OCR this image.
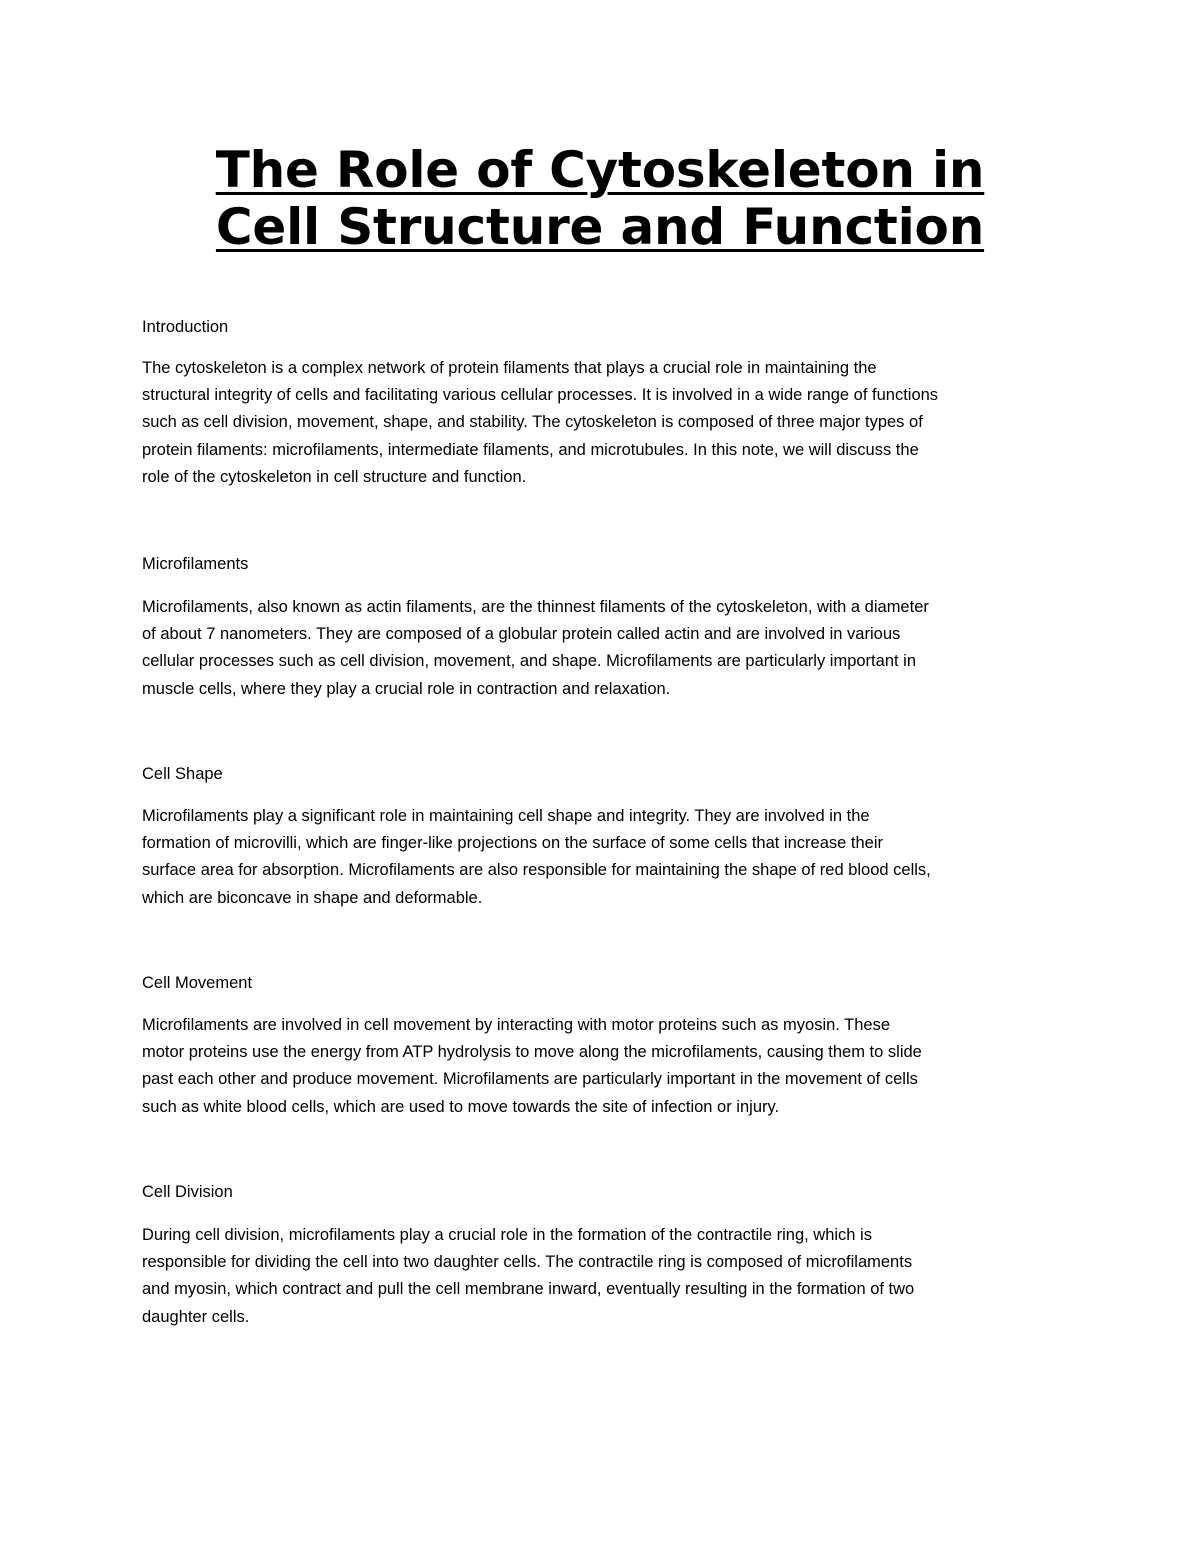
The Role of Cytoskeleton in
Cell Structure and Function
Introduction

The cytoskeleton is a complex network of protein filaments that plays a crucial role in maintaining the
structural integrity of cells and facilitating various cellular processes. It is involved in a wide range of functions
such as cell division, movement, shape, and stability. The cytoskeleton is composed of three major types of
protein filaments: microfilaments, intermediate filaments, and microtubules. In this note, we will discuss the
role of the cytoskeleton in cell structure and function.

Microfilaments

Microfilaments, also known as actin filaments, are the thinnest filaments of the cytoskeleton, with a diameter
of about 7 nanometers. They are composed of a globular protein called actin and are involved in various
cellular processes such as cell division, movement, and shape. Microfilaments are particularly important in
muscle cells, where they play a crucial role in contraction and relaxation.

Cell Shape

Microfilaments play a significant role in maintaining cell shape and integrity. They are involved in the
formation of microvilli, which are finger-like projections on the surface of some cells that increase their
surface area for absorption. Microfilaments are also responsible for maintaining the shape of red blood cells,
which are biconcave in shape and deformable.

Cell Movement

Microfilaments are involved in cell movement by interacting with motor proteins such as myosin. These
motor proteins use the energy from ATP hydrolysis to move along the microfilaments, causing them to slide
past each other and produce movement. Microfilaments are particularly important in the movement of cells
such as white blood cells, which are used to move towards the site of infection or injury.

Cell Division

During cell division, microfilaments play a crucial role in the formation of the contractile ring, which is
responsible for dividing the cell into two daughter cells. The contractile ring is composed of microfilaments
and myosin, which contract and pull the cell membrane inward, eventually resulting in the formation of two
daughter cells.
